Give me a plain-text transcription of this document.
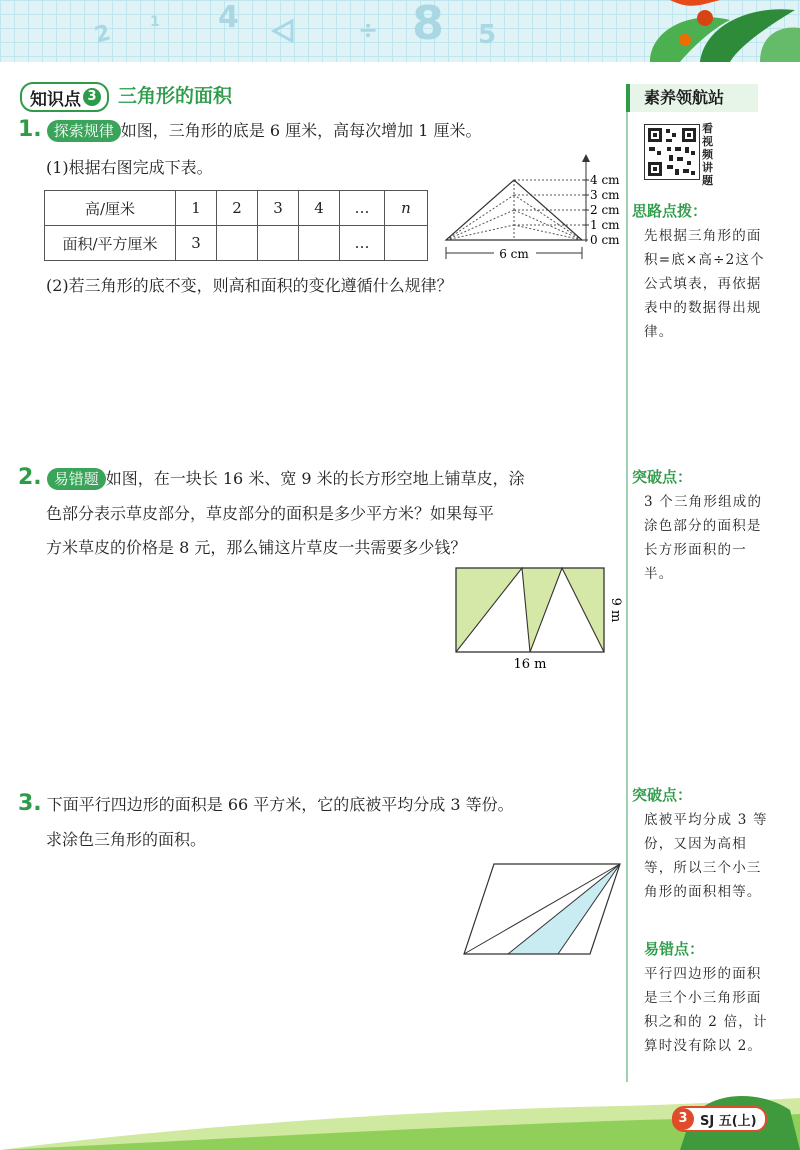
2	1 4	÷ 8 5
知识点 3 三角形的面积
1. 探索规律 如图，三角形的底是 6 厘米，高每次增加 1 厘米。
(1)根据右图完成下表。
高/厘米	1	2	3	4	…	n
面积/平方厘米	3				…	
6 cm
4 cm
3 cm
2 cm
1 cm
0 cm
(2)若三角形的底不变，则高和面积的变化遵循什么规律？
2. 易错题 如图，在一块长 16 米、宽 9 米的长方形空地上铺草皮，涂
色部分表示草皮部分，草皮部分的面积是多少平方米？如果每平
方米草皮的价格是 8 元，那么铺这片草皮一共需要多少钱？
16 m
9 m
3. 下面平行四边形的面积是 66 平方米，它的底被平均分成 3 等份。
求涂色三角形的面积。
素养领航站
看视频讲题
思路点拨：
先根据三角形的面积=底×高÷2这个公式填表，再依据表中的数据得出规律。
突破点：
3 个三角形组成的涂色部分的面积是长方形面积的一半。
突破点：
底被平均分成 3 等份，又因为高相等，所以三个小三角形的面积相等。
易错点：
平行四边形的面积是三个小三角形面积之和的 2 倍，计算时没有除以 2。
3 SJ 五(上)
